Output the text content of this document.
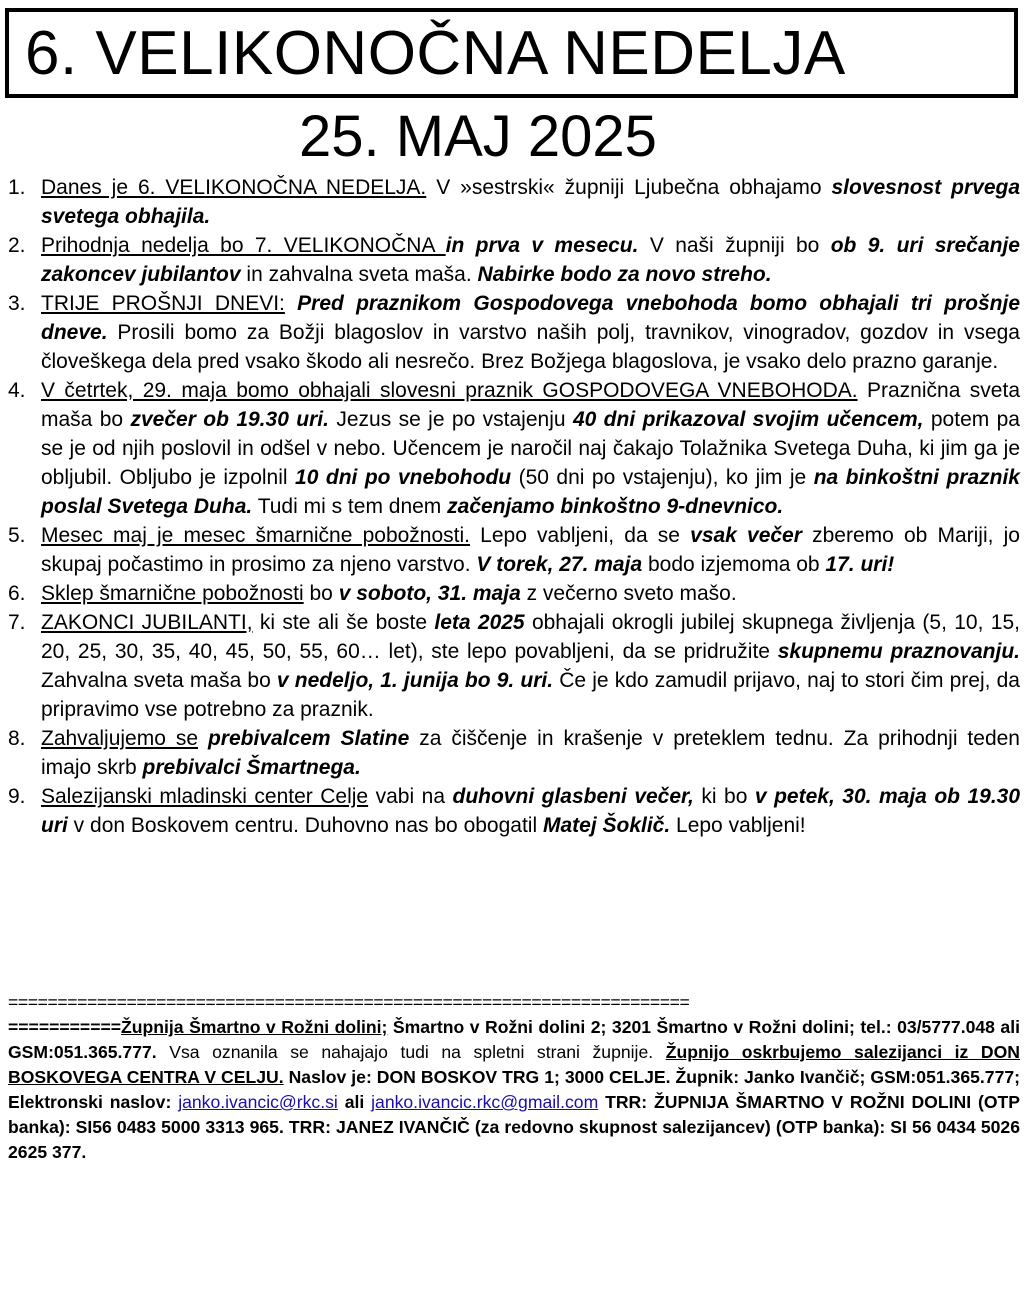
6. VELIKONOČNA NEDELJA
25. MAJ 2025
1. Danes je 6. VELIKONOČNA NEDELJA. V »sestrski« župniji Ljubečna obhajamo slovesnost prvega svetega obhajila.
2. Prihodnja nedelja bo 7. VELIKONOČNA in prva v mesecu. V naši župniji bo ob 9. uri srečanje zakoncev jubilantov in zahvalna sveta maša. Nabirke bodo za novo streho.
3. TRIJE PROŠNJI DNEVI: Pred praznikom Gospodovega vnebohoda bomo obhajali tri prošnje dneve. Prosili bomo za Božji blagoslov in varstvo naših polj, travnikov, vinogradov, gozdov in vsega človeškega dela pred vsako škodo ali nesrečo. Brez Božjega blagoslova, je vsako delo prazno garanje.
4. V četrtek, 29. maja bomo obhajali slovesni praznik GOSPODOVEGA VNEBOHODA. Praznična sveta maša bo zvečer ob 19.30 uri. Jezus se je po vstajenju 40 dni prikazoval svojim učencem, potem pa se je od njih poslovil in odšel v nebo. Učencem je naročil naj čakajo Tolažnika Svetega Duha, ki jim ga je obljubil. Obljubo je izpolnil 10 dni po vnebohodu (50 dni po vstajenju), ko jim je na binkoštni praznik poslal Svetega Duha. Tudi mi s tem dnem začenjamo binkoštno 9-dnevnico.
5. Mesec maj je mesec šmarnične pobožnosti. Lepo vabljeni, da se vsak večer zberemo ob Mariji, jo skupaj počastimo in prosimo za njeno varstvo. V torek, 27. maja bodo izjemoma ob 17. uri!
6. Sklep šmarnične pobožnosti bo v soboto, 31. maja z večerno sveto mašo.
7. ZAKONCI JUBILANTI, ki ste ali še boste leta 2025 obhajali okrogli jubilej skupnega življenja (5, 10, 15, 20, 25, 30, 35, 40, 45, 50, 55, 60… let), ste lepo povabljeni, da se pridružite skupnemu praznovanju. Zahvalna sveta maša bo v nedeljo, 1. junija bo 9. uri. Če je kdo zamudil prijavo, naj to stori čim prej, da pripravimo vse potrebno za praznik.
8. Zahvaljujemo se prebivalcem Slatine za čiščenje in krašenje v preteklem tednu. Za prihodnji teden imajo skrb prebivalci Šmartnega.
9. Salezijanski mladinski center Celje vabi na duhovni glasbeni večer, ki bo v petek, 30. maja ob 19.30 uri v don Boskovem centru. Duhovno nas bo obogatil Matej Šoklič. Lepo vabljeni!
=====================================================================
===========Župnija Šmartno v Rožni dolini; Šmartno v Rožni dolini 2; 3201 Šmartno v Rožni dolini; tel.: 03/5777.048 ali GSM:051.365.777. Vsa oznanila se nahajajo tudi na spletni strani župnije. Župnijo oskrbujemo salezijanci iz DON BOSKOVEGA CENTRA V CELJU. Naslov je: DON BOSKOV TRG 1; 3000 CELJE. Župnik: Janko Ivančič; GSM:051.365.777; Elektronski naslov: janko.ivancic@rkc.si ali janko.ivancic.rkc@gmail.com TRR: ŽUPNIJA ŠMARTNO V ROŽNI DOLINI (OTP banka): SI56 0483 5000 3313 965. TRR: JANEZ IVANČIČ (za redovno skupnost salezijancev) (OTP banka): SI 56 0434 5026 2625 377.
